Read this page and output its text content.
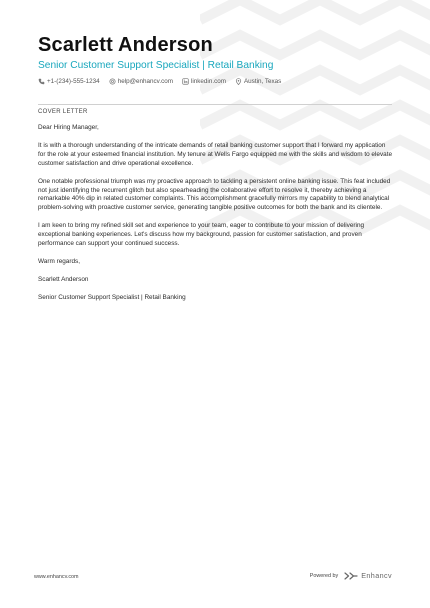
Scarlett Anderson
Senior Customer Support Specialist | Retail Banking
+1-(234)-555-1234	help@enhancv.com	linkedin.com	Austin, Texas
COVER LETTER

Dear Hiring Manager,

It is with a thorough understanding of the intricate demands of retail banking customer support that I forward my application for the role at your esteemed financial institution. My tenure at Wells Fargo equipped me with the skills and wisdom to elevate customer satisfaction and drive operational excellence.

One notable professional triumph was my proactive approach to tackling a persistent online banking issue. This feat included not just identifying the recurrent glitch but also spearheading the collaborative effort to resolve it, thereby achieving a remarkable 40% dip in related customer complaints. This accomplishment gracefully mirrors my capability to blend analytical problem-solving with proactive customer service, generating tangible positive outcomes for both the bank and its clientele.

I am keen to bring my refined skill set and experience to your team, eager to contribute to your mission of delivering exceptional banking experiences. Let's discuss how my background, passion for customer satisfaction, and proven performance can support your continued success.

Warm regards,

Scarlett Anderson

Senior Customer Support Specialist | Retail Banking

www.enhancv.com	Powered by	Enhancv
